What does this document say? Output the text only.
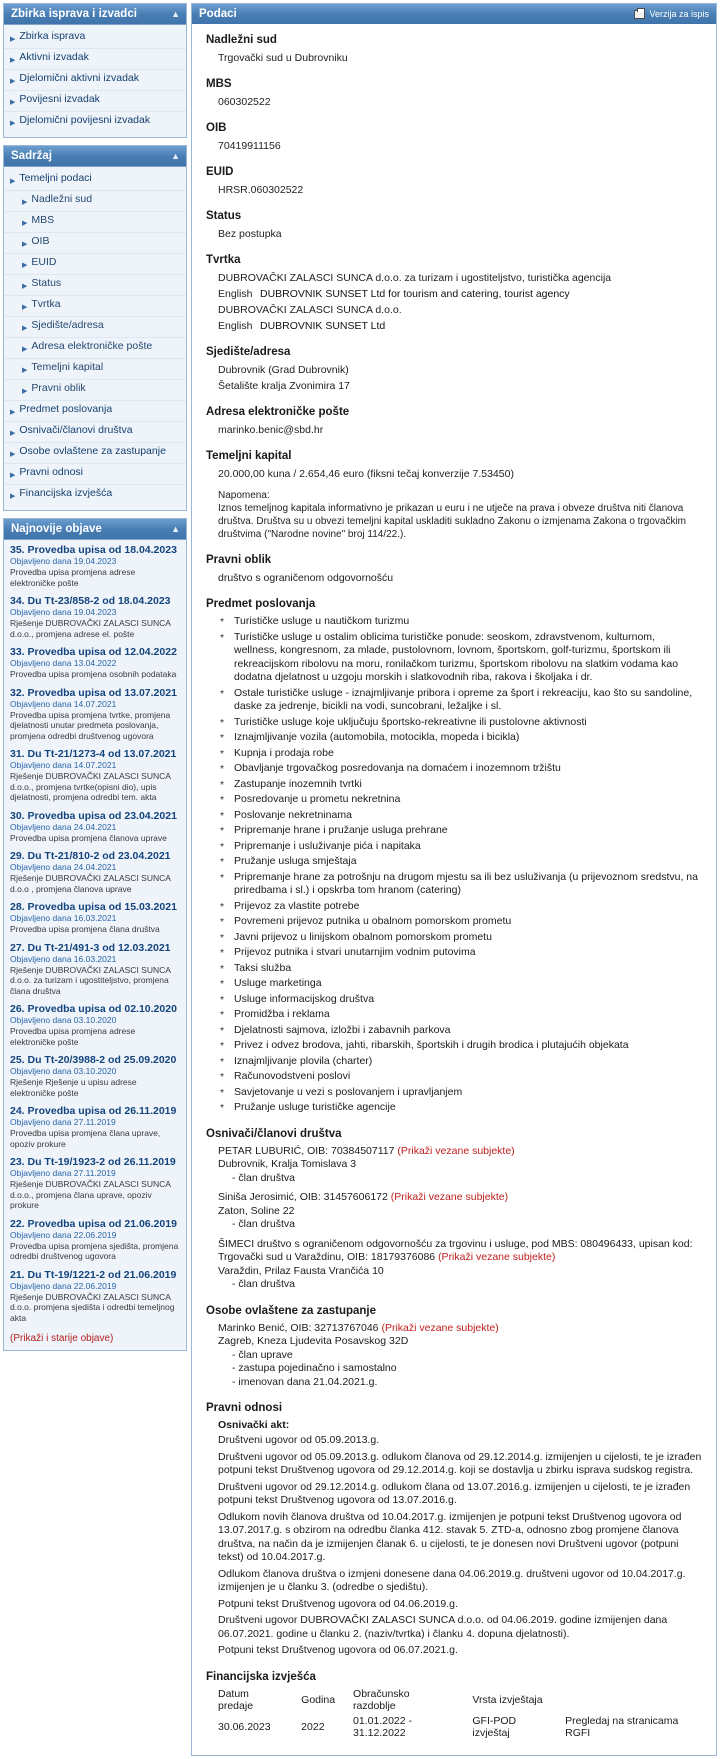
Zbirka isprava i izvadci	▲
▶ Zbirka isprava
▶ Aktivni izvadak
▶ Djelomični aktivni izvadak
▶ Povijesni izvadak
▶ Djelomični povijesni izvadak
Sadržaj	▲
▶ Temeljni podaci
▶ Nadležni sud
▶ MBS
▶ OIB
▶ EUID
▶ Status
▶ Tvrtka
▶ Sjedište/adresa
▶ Adresa elektroničke pošte
▶ Temeljni kapital
▶ Pravni oblik
▶ Predmet poslovanja
▶ Osnivači/članovi društva
▶ Osobe ovlaštene za zastupanje
▶ Pravni odnosi
▶ Financijska izvješća
Najnovije objave	▲
35. Provedba upisa od 18.04.2023
Objavljeno dana 19.04.2023
Provedba upisa promjena adrese elektroničke pošte
34. Du Tt-23/858-2 od 18.04.2023
Objavljeno dana 19.04.2023
Rješenje DUBROVAČKI ZALASCI SUNCA d.o.o., promjena adrese el. pošte
33. Provedba upisa od 12.04.2022
Objavljeno dana 13.04.2022
Provedba upisa promjena osobnih podataka
32. Provedba upisa od 13.07.2021
Objavljeno dana 14.07.2021
Provedba upisa promjena tvrtke, promjena djelatnosti unutar predmeta poslovanja, promjena odredbi društvenog ugovora
31. Du Tt-21/1273-4 od 13.07.2021
Objavljeno dana 14.07.2021
Rješenje DUBROVAČKI ZALASCI SUNCA d.o.o., promjena tvrtke(opisni dio), upis djelatnosti, promjena odredbi tem. akta
30. Provedba upisa od 23.04.2021
Objavljeno dana 24.04.2021
Provedba upisa promjena članova uprave
29. Du Tt-21/810-2 od 23.04.2021
Objavljeno dana 24.04.2021
Rješenje DUBROVAČKI ZALASCI SUNCA d.o.o , promjena članova uprave
28. Provedba upisa od 15.03.2021
Objavljeno dana 16.03.2021
Provedba upisa promjena člana društva
27. Du Tt-21/491-3 od 12.03.2021
Objavljeno dana 16.03.2021
Rješenje DUBROVAČKI ZALASCI SUNCA d.o.o. za turizam i ugostiteljstvo, promjena člana društva
26. Provedba upisa od 02.10.2020
Objavljeno dana 03.10.2020
Provedba upisa promjena adrese elektroničke pošte
25. Du Tt-20/3988-2 od 25.09.2020
Objavljeno dana 03.10.2020
Rješenje Rješenje u upisu adrese elektroničke pošte
24. Provedba upisa od 26.11.2019
Objavljeno dana 27.11.2019
Provedba upisa promjena člana uprave, opoziv prokure
23. Du Tt-19/1923-2 od 26.11.2019
Objavljeno dana 27.11.2019
Rješenje DUBROVAČKI ZALASCI SUNCA d.o.o., promjena člana uprave, opoziv prokure
22. Provedba upisa od 21.06.2019
Objavljeno dana 22.06.2019
Provedba upisa promjena sjedišta, promjena odredbi društvenog ugovora
21. Du Tt-19/1221-2 od 21.06.2019
Objavljeno dana 22.06.2019
Rješenje DUBROVAČKI ZALASCI SUNCA d.o.o. promjena sjedišta i odredbi temeljnog akta
(Prikaži i starije objave)
Podaci	Verzija za ispis
Nadležni sud
Trgovački sud u Dubrovniku
MBS
060302522
OIB
70419911156
EUID
HRSR.060302522
Status
Bez postupka
Tvrtka
DUBROVAČKI ZALASCI SUNCA d.o.o. za turizam i ugostiteljstvo, turistička agencija
English DUBROVNIK SUNSET Ltd for tourism and catering, tourist agency
DUBROVAČKI ZALASCI SUNCA d.o.o.
English DUBROVNIK SUNSET Ltd
Sjedište/adresa
Dubrovnik (Grad Dubrovnik)
Šetalište kralja Zvonimira 17
Adresa elektroničke pošte
marinko.benic@sbd.hr
Temeljni kapital
20.000,00 kuna / 2.654,46 euro (fiksni tečaj konverzije 7.53450)
Napomena:
Iznos temeljnog kapitala informativno je prikazan u euru i ne utječe na prava i obveze društva niti članova društva. Društva su u obvezi temeljni kapital uskladiti sukladno Zakonu o izmjenama Zakona o trgovačkim društvima ("Narodne novine" broj 114/22.).
Pravni oblik
društvo s ograničenom odgovornošću
Predmet poslovanja
* Turističke usluge u nautičkom turizmu
* Turističke usluge u ostalim oblicima turističke ponude: seoskom, zdravstvenom, kulturnom, wellness, kongresnom, za mlade, pustolovnom, lovnom, športskom, golf-turizmu, športskom ili rekreacijskom ribolovu na moru, ronilačkom turizmu, športskom ribolovu na slatkim vodama kao dodatna djelatnost u uzgoju morskih i slatkovodnih riba, rakova i školjaka i dr.
* Ostale turističke usluge - iznajmljivanje pribora i opreme za šport i rekreaciju, kao što su sandoline, daske za jedrenje, bicikli na vodi, suncobrani, ležaljke i sl.
* Turističke usluge koje uključuju športsko-rekreativne ili pustolovne aktivnosti
* Iznajmljivanje vozila (automobila, motocikla, mopeda i bicikla)
* Kupnja i prodaja robe
* Obavljanje trgovačkog posredovanja na domaćem i inozemnom tržištu
* Zastupanje inozemnih tvrtki
* Posredovanje u prometu nekretnina
* Poslovanje nekretninama
* Pripremanje hrane i pružanje usluga prehrane
* Pripremanje i usluživanje pića i napitaka
* Pružanje usluga smještaja
* Pripremanje hrane za potrošnju na drugom mjestu sa ili bez usluživanja (u prijevoznom sredstvu, na priredbama i sl.) i opskrba tom hranom (catering)
* Prijevoz za vlastite potrebe
* Povremeni prijevoz putnika u obalnom pomorskom prometu
* Javni prijevoz u linijskom obalnom pomorskom prometu
* Prijevoz putnika i stvari unutarnjim vodnim putovima
* Taksi služba
* Usluge marketinga
* Usluge informacijskog društva
* Promidžba i reklama
* Djelatnosti sajmova, izložbi i zabavnih parkova
* Privez i odvez brodova, jahti, ribarskih, športskih i drugih brodica i plutajućih objekata
* Iznajmljivanje plovila (charter)
* Računovodstveni poslovi
* Savjetovanje u vezi s poslovanjem i upravljanjem
* Pružanje usluge turističke agencije
Osnivači/članovi društva
PETAR LUBURIĆ, OIB: 70384507117 (Prikaži vezane subjekte)
Dubrovnik, Kralja Tomislava 3
- član društva
Siniša Jerosimić, OIB: 31457606172 (Prikaži vezane subjekte)
Zaton, Soline 22
- član društva
ŠIMECI društvo s ograničenom odgovornošću za trgovinu i usluge, pod MBS: 080496433, upisan kod: Trgovački sud u Varaždinu, OIB: 18179376086 (Prikaži vezane subjekte)
Varaždin, Prilaz Fausta Vrančića 10
- član društva
Osobe ovlaštene za zastupanje
Marinko Benić, OIB: 32713767046 (Prikaži vezane subjekte)
Zagreb, Kneza Ljudevita Posavskog 32D
- član uprave
- zastupa pojedinačno i samostalno
- imenovan dana 21.04.2021.g.
Pravni odnosi
Osnivački akt:
Društveni ugovor od 05.09.2013.g.
Društveni ugovor od 05.09.2013.g. odlukom članova od 29.12.2014.g. izmijenjen u cijelosti, te je izrađen potpuni tekst Društvenog ugovora od 29.12.2014.g. koji se dostavlja u zbirku isprava sudskog registra.
Društveni ugovor od 29.12.2014.g. odlukom člana od 13.07.2016.g. izmijenjen u cijelosti, te je izrađen potpuni tekst Društvenog ugovora od 13.07.2016.g.
Odlukom novih članova društva od 10.04.2017.g. izmijenjen je potpuni tekst Društvenog ugovora od 13.07.2017.g. s obzirom na odredbu članka 412. stavak 5. ZTD-a, odnosno zbog promjene članova društva, na način da je izmijenjen članak 6. u cijelosti, te je donesen novi Društveni ugovor (potpuni tekst) od 10.04.2017.g.
Odlukom članova društva o izmjeni donesene dana 04.06.2019.g. društveni ugovor od 10.04.2017.g. izmijenjen je u članku 3. (odredbe o sjedištu).
Potpuni tekst Društvenog ugovora od 04.06.2019.g.
Društveni ugovor DUBROVAČKI ZALASCI SUNCA d.o.o. od 04.06.2019. godine izmijenjen dana 06.07.2021. godine u članku 2. (naziv/tvrtka) i članku 4. dopuna djelatnosti).
Potpuni tekst Društvenog ugovora od 06.07.2021.g.
Financijska izvješća
Datum predaje	Godina	Obračunsko razdoblje	Vrsta izvještaja	
30.06.2023	2022	01.01.2022 - 31.12.2022	GFI-POD izvještaj	Pregledaj na stranicama RGFI
